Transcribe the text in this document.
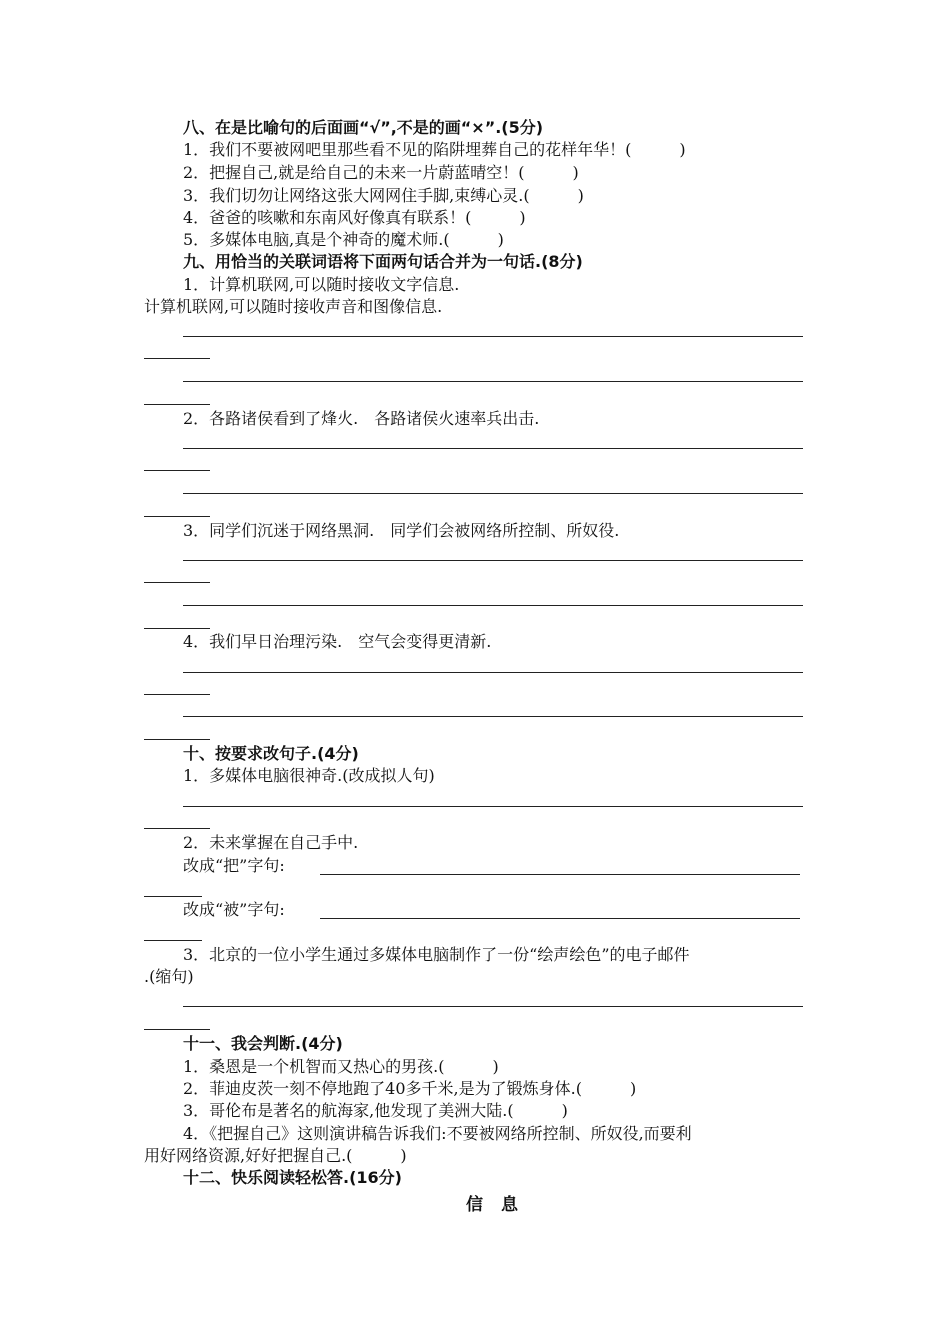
八、在是比喻句的后面画“√”,不是的画“×”.(5分)
1．我们不要被网吧里那些看不见的陷阱埋葬自己的花样年华！(　　　)
2．把握自己,就是给自己的未来一片蔚蓝晴空！(　　　)
3．我们切勿让网络这张大网网住手脚,束缚心灵.(　　　)
4．爸爸的咳嗽和东南风好像真有联系！(　　　)
5．多媒体电脑,真是个神奇的魔术师.(　　　)
九、用恰当的关联词语将下面两句话合并为一句话.(8分)
1．计算机联网,可以随时接收文字信息.
计算机联网,可以随时接收声音和图像信息.
2．各路诸侯看到了烽火.　各路诸侯火速率兵出击.
3．同学们沉迷于网络黑洞.　同学们会被网络所控制、所奴役.
4．我们早日治理污染.　空气会变得更清新.
十、按要求改句子.(4分)
1．多媒体电脑很神奇.(改成拟人句)
2．未来掌握在自己手中.
改成“把”字句:
改成“被”字句:
3．北京的一位小学生通过多媒体电脑制作了一份“绘声绘色”的电子邮件
.(缩句)
十一、我会判断.(4分)
1．桑恩是一个机智而又热心的男孩.(　　　)
2．菲迪皮茨一刻不停地跑了40多千米,是为了锻炼身体.(　　　)
3．哥伦布是著名的航海家,他发现了美洲大陆.(　　　)
4．《把握自己》这则演讲稿告诉我们:不要被网络所控制、所奴役,而要利
用好网络资源,好好把握自己.(　　　)
十二、快乐阅读轻松答.(16分)
信息
